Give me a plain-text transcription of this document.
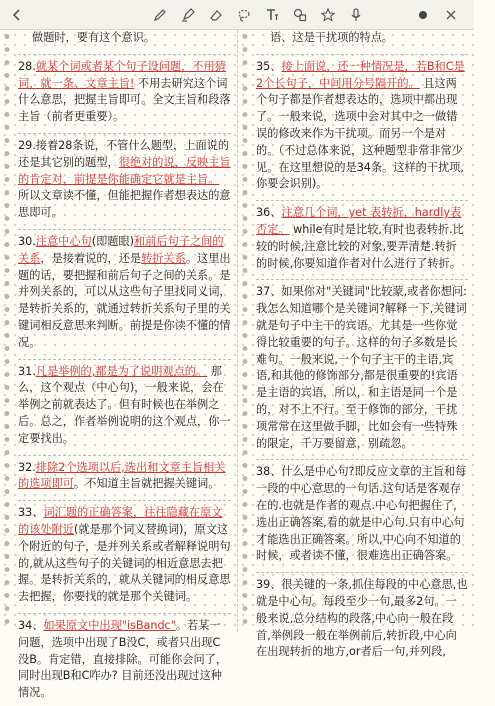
做题时，要有这个意识。

28.就某个词或者某个句子设问题，不用猜词，就一条、文章主旨! 不用去研究这个词什么意思，把握主旨即可。全文主旨和段落主旨（前者更重要）。

29.接着28条说，不管什么题型，上面说的还是其它别的题型，很绝对的说，反映主旨的肯定对，前提是你能确定它就是主旨。 所以文章读不懂，但能把握作者想表达的意思即可。

30.注意中心句(即题眼)和前后句子之间的关系，是接着说的，还是转折关系。这里出题的话，要把握和前后句子之间的关系。是并列关系的，可以从这些句子里找同义词，是转折关系的，就通过转折关系句子里的关键词相反意思来判断。前提是你读不懂的情况。

31.凡是举例的,都是为了说明观点的。 那么，这个观点（中心句)，一般来说，会在举例之前就表达了。但有时候也在举例之后。总之，作者举例说明的这个观点，你一定要找出。

32.排除2个选项以后,选出和文章主旨相关的选项即可。不知道主旨就把握关键词。

33、词汇题的正确答案，往往隐藏在原文的该处附近(就是那个词义替换词)，原文这个附近的句子，是并列关系或者解释说明句的,就从这些句子的关键词的相近意思去把握。是转折关系的，就从关键词的相反意思去把握，你要找的就是那个关键词。

34、如果原文中出现"isBandc"。若某一问题，选项中出现了B没C，或者只出现C没B。肯定错，直接排除。可能你会问了，同时出现B和C咋办? 目前还没出现过这种情况。

语、这是干扰项的特点。

35、接上面说，还一种情况是，若B和C是2个长句子，中间用分号隔开的。 且这两个句子都是作者想表达的，选项中都出现了。一般来说，选项中会对其中之一做错误的修改来作为干扰项。而另一个是对的。（不过总体来说，这种题型非常非常少见。在这里想说的是34条。这样的干扰项,你要会识别)。

36、注意几个词，yet 表转折，hardly表否定。 while有时是比较,有时也表转折.比较的时候,注意比较的对象,要弄清楚.转折的时候,你要知道作者对什么进行了转折。

37、如果你对"关键词"比较蒙,或者你想问:我怎么知道哪个是关键词?解释一下,关键词就是句子中主干的宾语。尤其是一些你觉得比较重要的句子。这样的句子多数是长难句。一般来说,一个句子主干的主语,宾语,和其他的修饰部分,都是很重要的!宾语是主语的宾语，所以，和主语是同一个是的，对不上不行。至于修饰的部分，干扰项常常在这里做手脚，比如会有一些特殊的限定，千万要留意，别疏忽。

38、什么是中心句?即反应文章的主旨和每一段的中心意思的一句话.这句话是客观存在的.也就是作者的观点.中心句把握住了,选出正确答案,看的就是中心句.只有中心句才能选出正确答案。所以,中心向不知道的时候，或者读不懂，很难选出正确答案。

39、很关键的一条,抓住每段的中心意思,也就是中心句。每段至少一句,最多2句。一般来说,总分结构的段落,中心向一般在段首,举例段一般在举例前后,转折段,中心向在出现转折的地方,or者后一句,并列段,
